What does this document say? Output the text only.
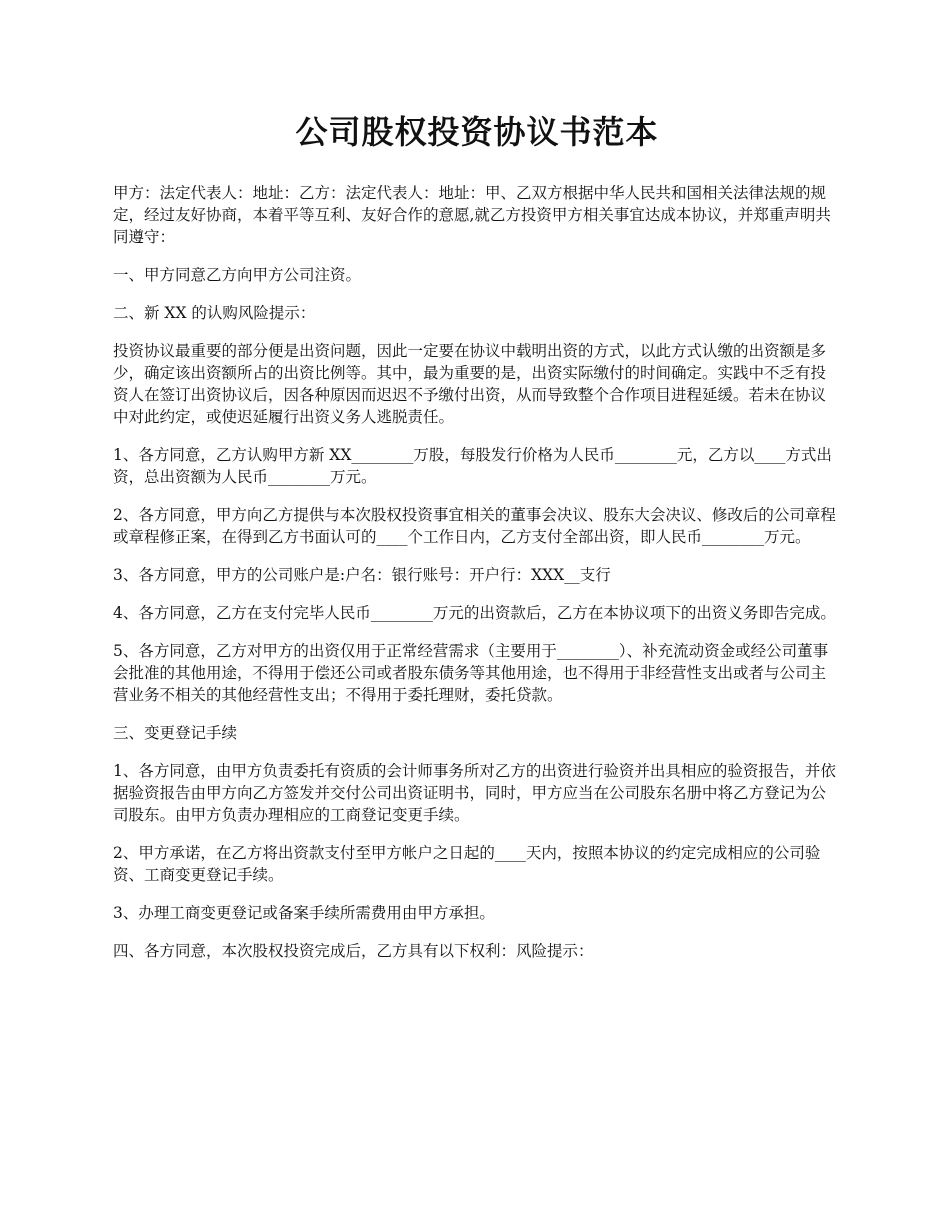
公司股权投资协议书范本

甲方：法定代表人：地址：乙方：法定代表人：地址：甲、乙双方根据中华人民共和国相关法律法规的规定，经过友好协商，本着平等互利、友好合作的意愿,就乙方投资甲方相关事宜达成本协议，并郑重声明共同遵守：

一、甲方同意乙方向甲方公司注资。

二、新 XX 的认购风险提示：

投资协议最重要的部分便是出资问题，因此一定要在协议中载明出资的方式，以此方式认缴的出资额是多少，确定该出资额所占的出资比例等。其中，最为重要的是，出资实际缴付的时间确定。实践中不乏有投资人在签订出资协议后，因各种原因而迟迟不予缴付出资，从而导致整个合作项目进程延缓。若未在协议中对此约定，或使迟延履行出资义务人逃脱责任。

1、各方同意，乙方认购甲方新 XX________万股，每股发行价格为人民币________元，乙方以____方式出资，总出资额为人民币________万元。

2、各方同意，甲方向乙方提供与本次股权投资事宜相关的董事会决议、股东大会决议、修改后的公司章程或章程修正案，在得到乙方书面认可的____个工作日内，乙方支付全部出资，即人民币________万元。

3、各方同意，甲方的公司账户是:户名：银行账号：开户行：XXX__支行

4、各方同意，乙方在支付完毕人民币________万元的出资款后，乙方在本协议项下的出资义务即告完成。

5、各方同意，乙方对甲方的出资仅用于正常经营需求（主要用于________）、补充流动资金或经公司董事会批准的其他用途，不得用于偿还公司或者股东债务等其他用途，也不得用于非经营性支出或者与公司主营业务不相关的其他经营性支出；不得用于委托理财，委托贷款。

三、变更登记手续

1、各方同意，由甲方负责委托有资质的会计师事务所对乙方的出资进行验资并出具相应的验资报告，并依据验资报告由甲方向乙方签发并交付公司出资证明书，同时，甲方应当在公司股东名册中将乙方登记为公司股东。由甲方负责办理相应的工商登记变更手续。

2、甲方承诺，在乙方将出资款支付至甲方帐户之日起的____天内，按照本协议的约定完成相应的公司验资、工商变更登记手续。

3、办理工商变更登记或备案手续所需费用由甲方承担。

四、各方同意，本次股权投资完成后，乙方具有以下权利：风险提示：
